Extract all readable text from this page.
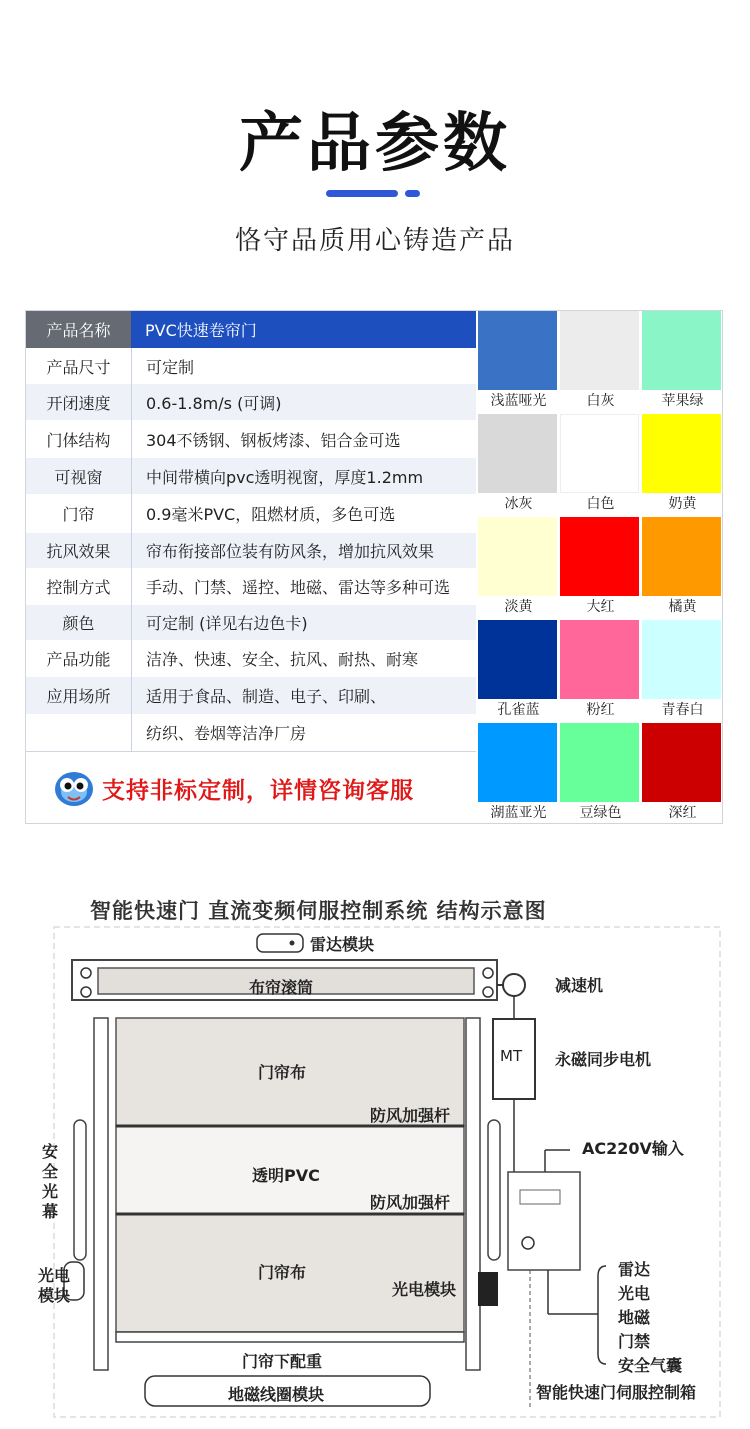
产品参数
恪守品质用心铸造产品
产品名称	PVC快速卷帘门
产品尺寸	可定制
开闭速度	0.6-1.8m/s (可调)
门体结构	304不锈钢、钢板烤漆、铝合金可选
可视窗	中间带横向pvc透明视窗，厚度1.2mm
门帘	0.9毫米PVC，阻燃材质，多色可选
抗风效果	帘布衔接部位装有防风条，增加抗风效果
控制方式	手动、门禁、遥控、地磁、雷达等多种可选
颜色	可定制 (详见右边色卡)
产品功能	洁净、快速、安全、抗风、耐热、耐寒
应用场所	适用于食品、制造、电子、印刷、
纺织、卷烟等洁净厂房
支持非标定制，详情咨询客服
浅蓝哑光	白灰	苹果绿
冰灰	白色	奶黄
淡黄	大红	橘黄
孔雀蓝	粉红	青春白
湖蓝亚光	豆绿色	深红
智能快速门 直流变频伺服控制系统 结构示意图
雷达模块
布帘滚筒	减速机
MT 永磁同步电机
门帘布
防风加强杆
AC220V输入
透明PVC
防风加强杆
门帘布
光电模块
安全光幕
光电模块
门帘下配重
地磁线圈模块
雷达
光电
地磁
门禁
安全气囊
智能快速门伺服控制箱
